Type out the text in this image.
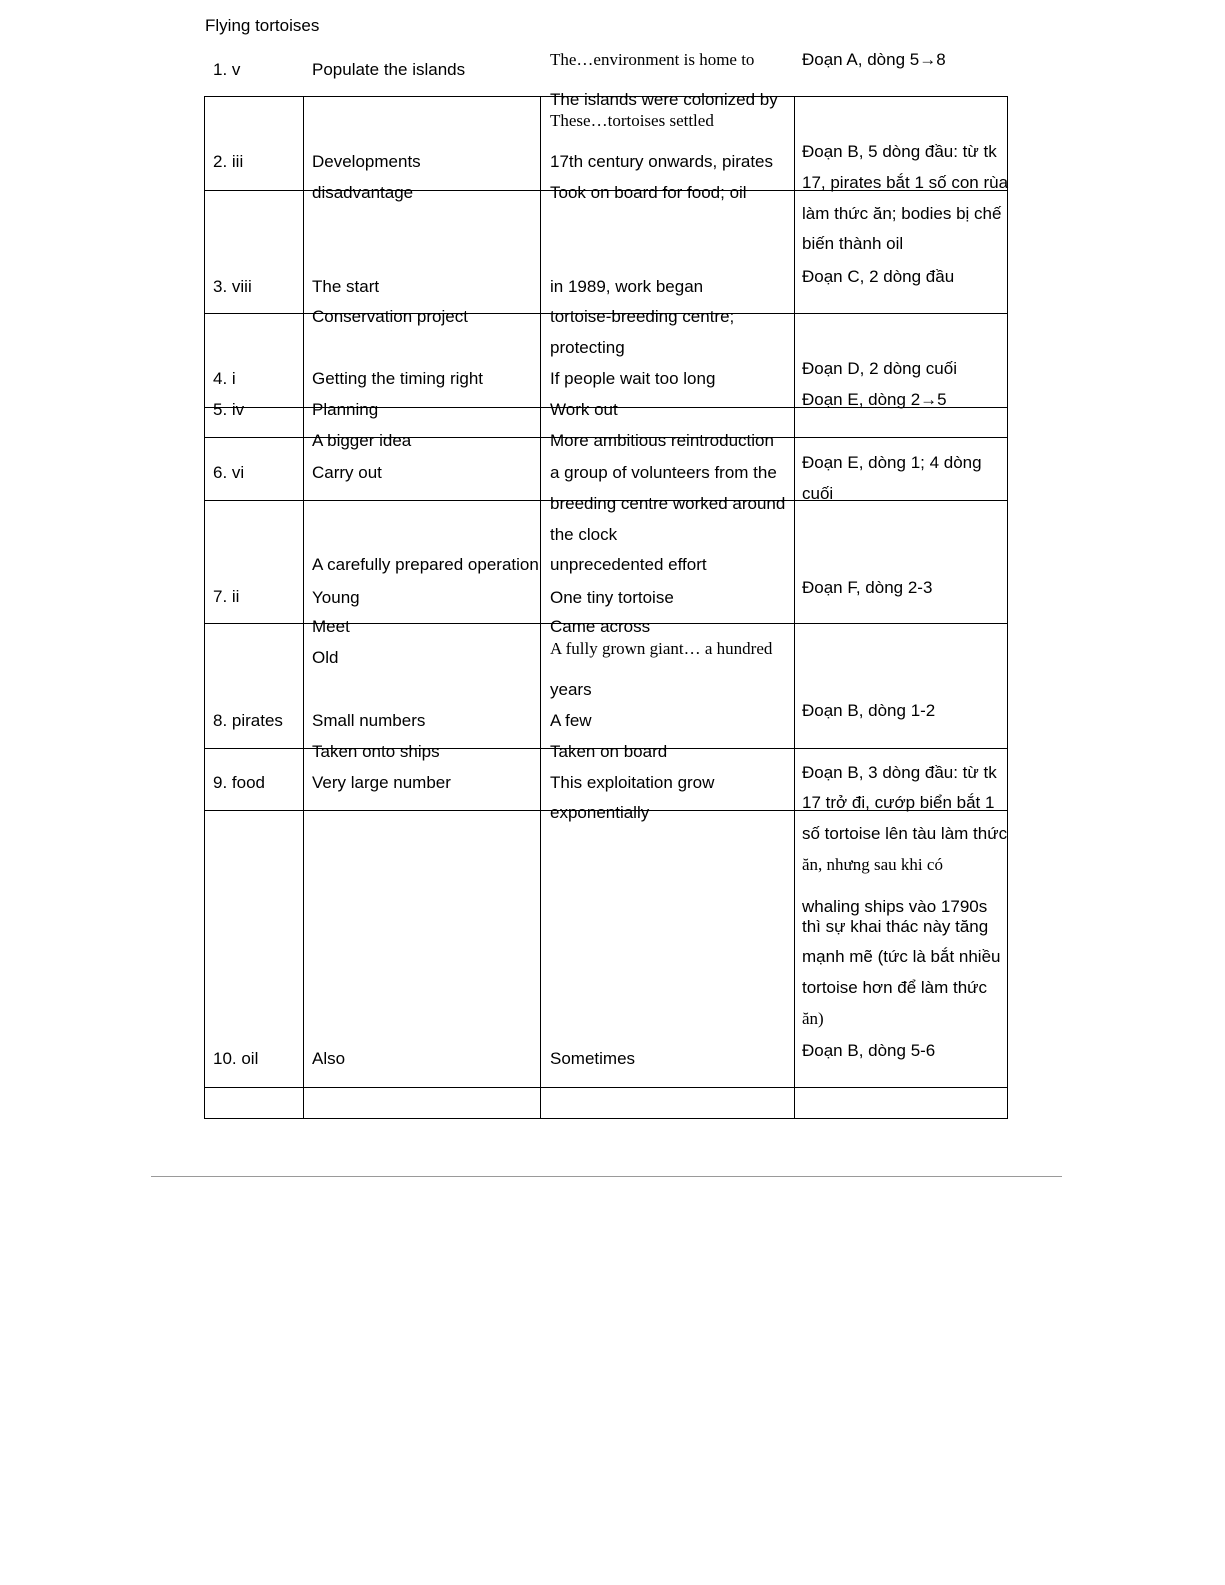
Flying tortoises
1. v
2. iii
3. viii
4. i
5. iv
6. vi
7. ii
8. pirates
9. food
10. oil
Populate the islands
Developments
disadvantage
The start
Conservation project
Getting the timing right
Planning
A bigger idea
Carry out
A carefully prepared operation
Young
Meet
Old
Small numbers
Taken onto ships
Very large number
Also
The…environment is home to
The islands were colonized by
These…tortoises settled
17th century onwards, pirates
Took on board for food; oil
in 1989, work began
tortoise-breeding centre;
protecting
If people wait too long
Work out
More ambitious reintroduction
a group of volunteers from the
breeding centre worked around
the clock
unprecedented effort
One tiny tortoise
Came across
A fully grown giant… a hundred
years
A few
Taken on board
This exploitation grow
exponentially
Sometimes
Đoạn A, dòng 5→8
Đoạn B, 5 dòng đầu: từ tk
17, pirates bắt 1 số con rùa
làm thức ăn; bodies bị chế
biến thành oil
Đoạn C, 2 dòng đầu
Đoạn D, 2 dòng cuối
Đoạn E, dòng 2→5
Đoạn E, dòng 1; 4 dòng
cuối
Đoạn F, dòng 2-3
Đoạn B, dòng 1-2
Đoạn B, 3 dòng đầu: từ tk
17 trở đi, cướp biển bắt 1
số tortoise lên tàu làm thức
ăn, nhưng sau khi có
whaling ships vào 1790s
thì sự khai thác này tăng
mạnh mẽ (tức là bắt nhiều
tortoise hơn để làm thức
ăn)
Đoạn B, dòng 5-6
